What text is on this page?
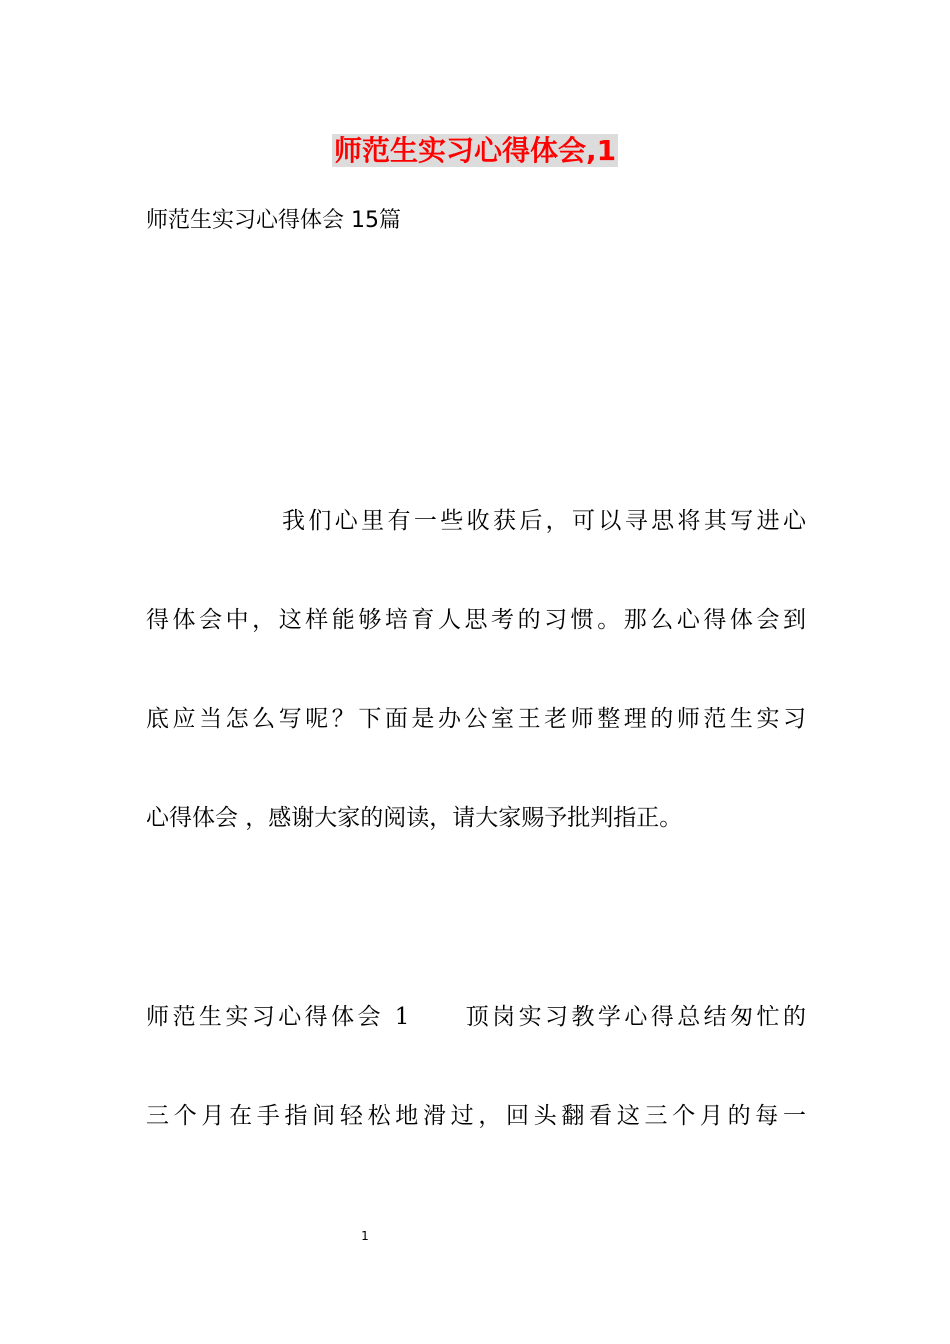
师范生实习心得体会,1
师范生实习心得体会 15篇
我们心里有一些收获后，可以寻思将其写进心
得体会中，这样能够培育人思考的习惯。那么心得体会到
底应当怎么写呢？下面是办公室王老师整理的师范生实习
心得体会 ，感谢大家的阅读，请大家赐予批判指正。
师范生实习心得体会 1　　顶岗实习教学心得总结匆忙的
三个月在手指间轻松地滑过，回头翻看这三个月的每一
1
